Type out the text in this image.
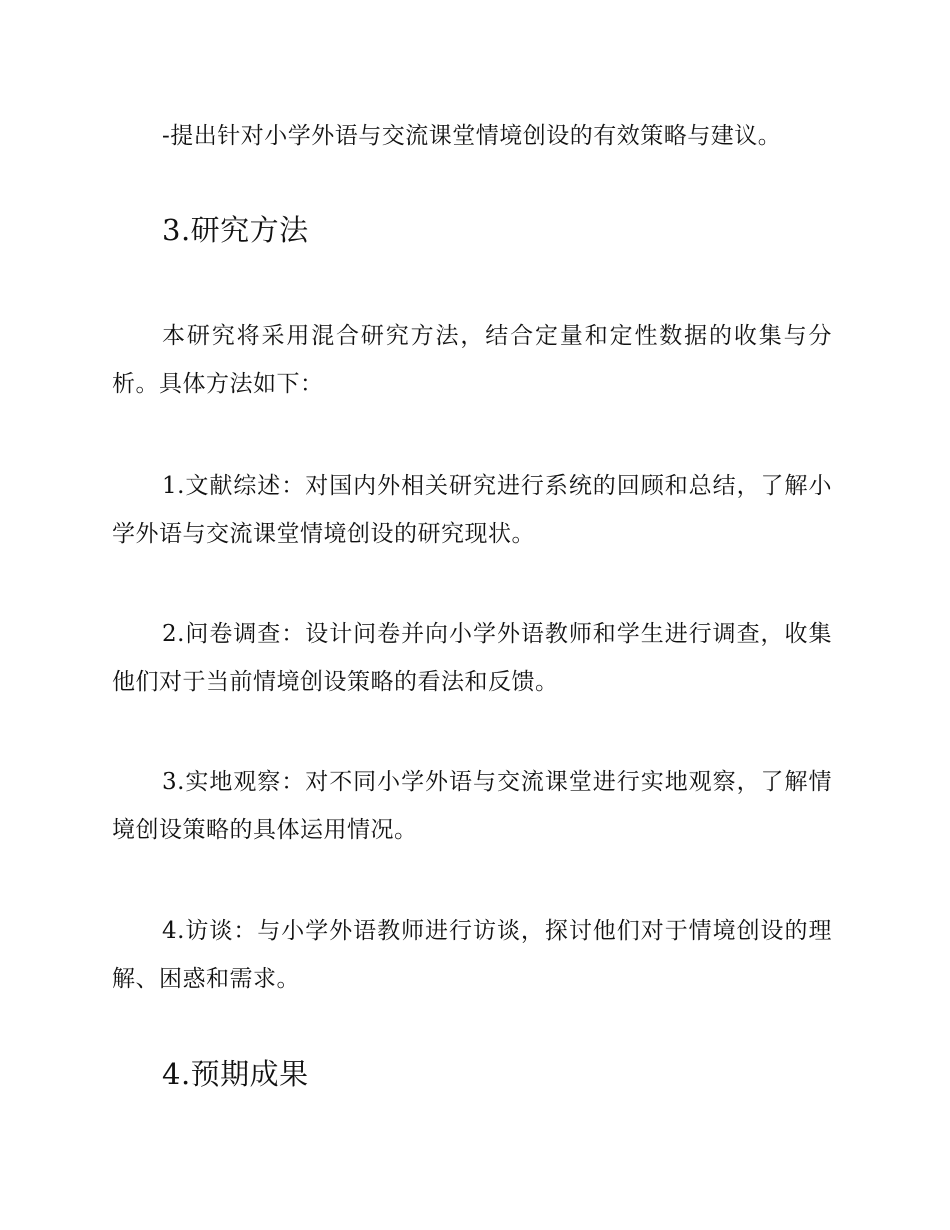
-提出针对小学外语与交流课堂情境创设的有效策略与建议。

3.研究方法

本研究将采用混合研究方法，结合定量和定性数据的收集与分析。具体方法如下：

1.文献综述：对国内外相关研究进行系统的回顾和总结，了解小学外语与交流课堂情境创设的研究现状。

2.问卷调查：设计问卷并向小学外语教师和学生进行调查，收集他们对于当前情境创设策略的看法和反馈。

3.实地观察：对不同小学外语与交流课堂进行实地观察，了解情境创设策略的具体运用情况。

4.访谈：与小学外语教师进行访谈，探讨他们对于情境创设的理解、困惑和需求。

4.预期成果
